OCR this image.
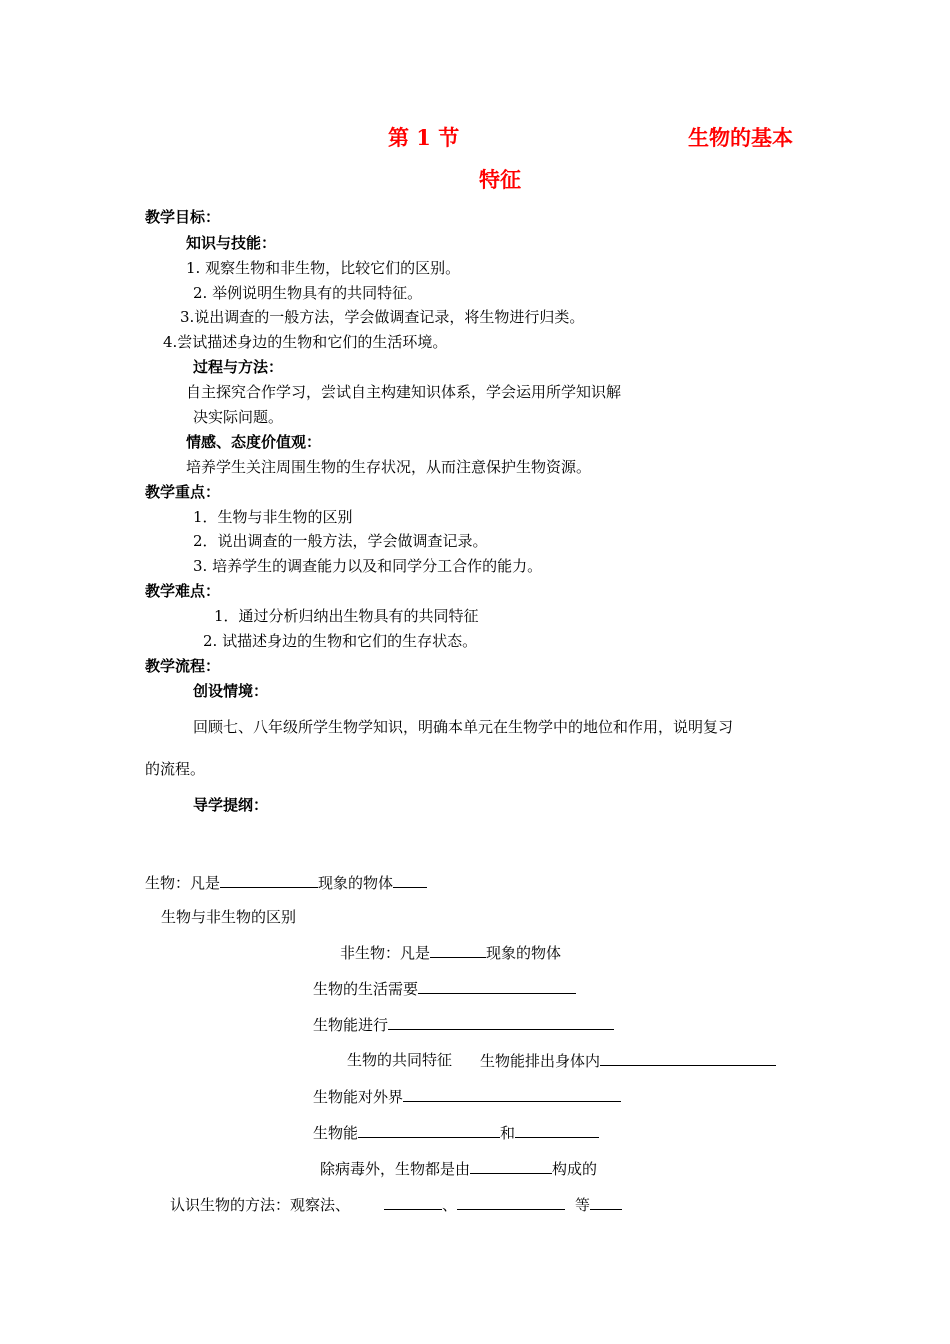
第 1 节	生物的基本
特征
教学目标：
知识与技能：
1. 观察生物和非生物，比较它们的区别。
2. 举例说明生物具有的共同特征。
3.说出调查的一般方法，学会做调查记录，将生物进行归类。
4.尝试描述身边的生物和它们的生活环境。
过程与方法：
自主探究合作学习，尝试自主构建知识体系，学会运用所学知识解
决实际问题。
情感、态度价值观：
培养学生关注周围生物的生存状况，从而注意保护生物资源。
教学重点：
1．生物与非生物的区别
2．说出调查的一般方法，学会做调查记录。
3. 培养学生的调查能力以及和同学分工合作的能力。
教学难点：
1．通过分析归纳出生物具有的共同特征
2. 试描述身边的生物和它们的生存状态。
教学流程：
创设情境：
回顾七、八年级所学生物学知识，明确本单元在生物学中的地位和作用，说明复习
的流程。
导学提纲：
生物：凡是	现象的物体
生物与非生物的区别
非生物：凡是	现象的物体
生物的生活需要
生物能进行
生物的共同特征 生物能排出身体内
生物能对外界
生物能	和
除病毒外，生物都是由	构成的
认识生物的方法：观察法、	、	等
